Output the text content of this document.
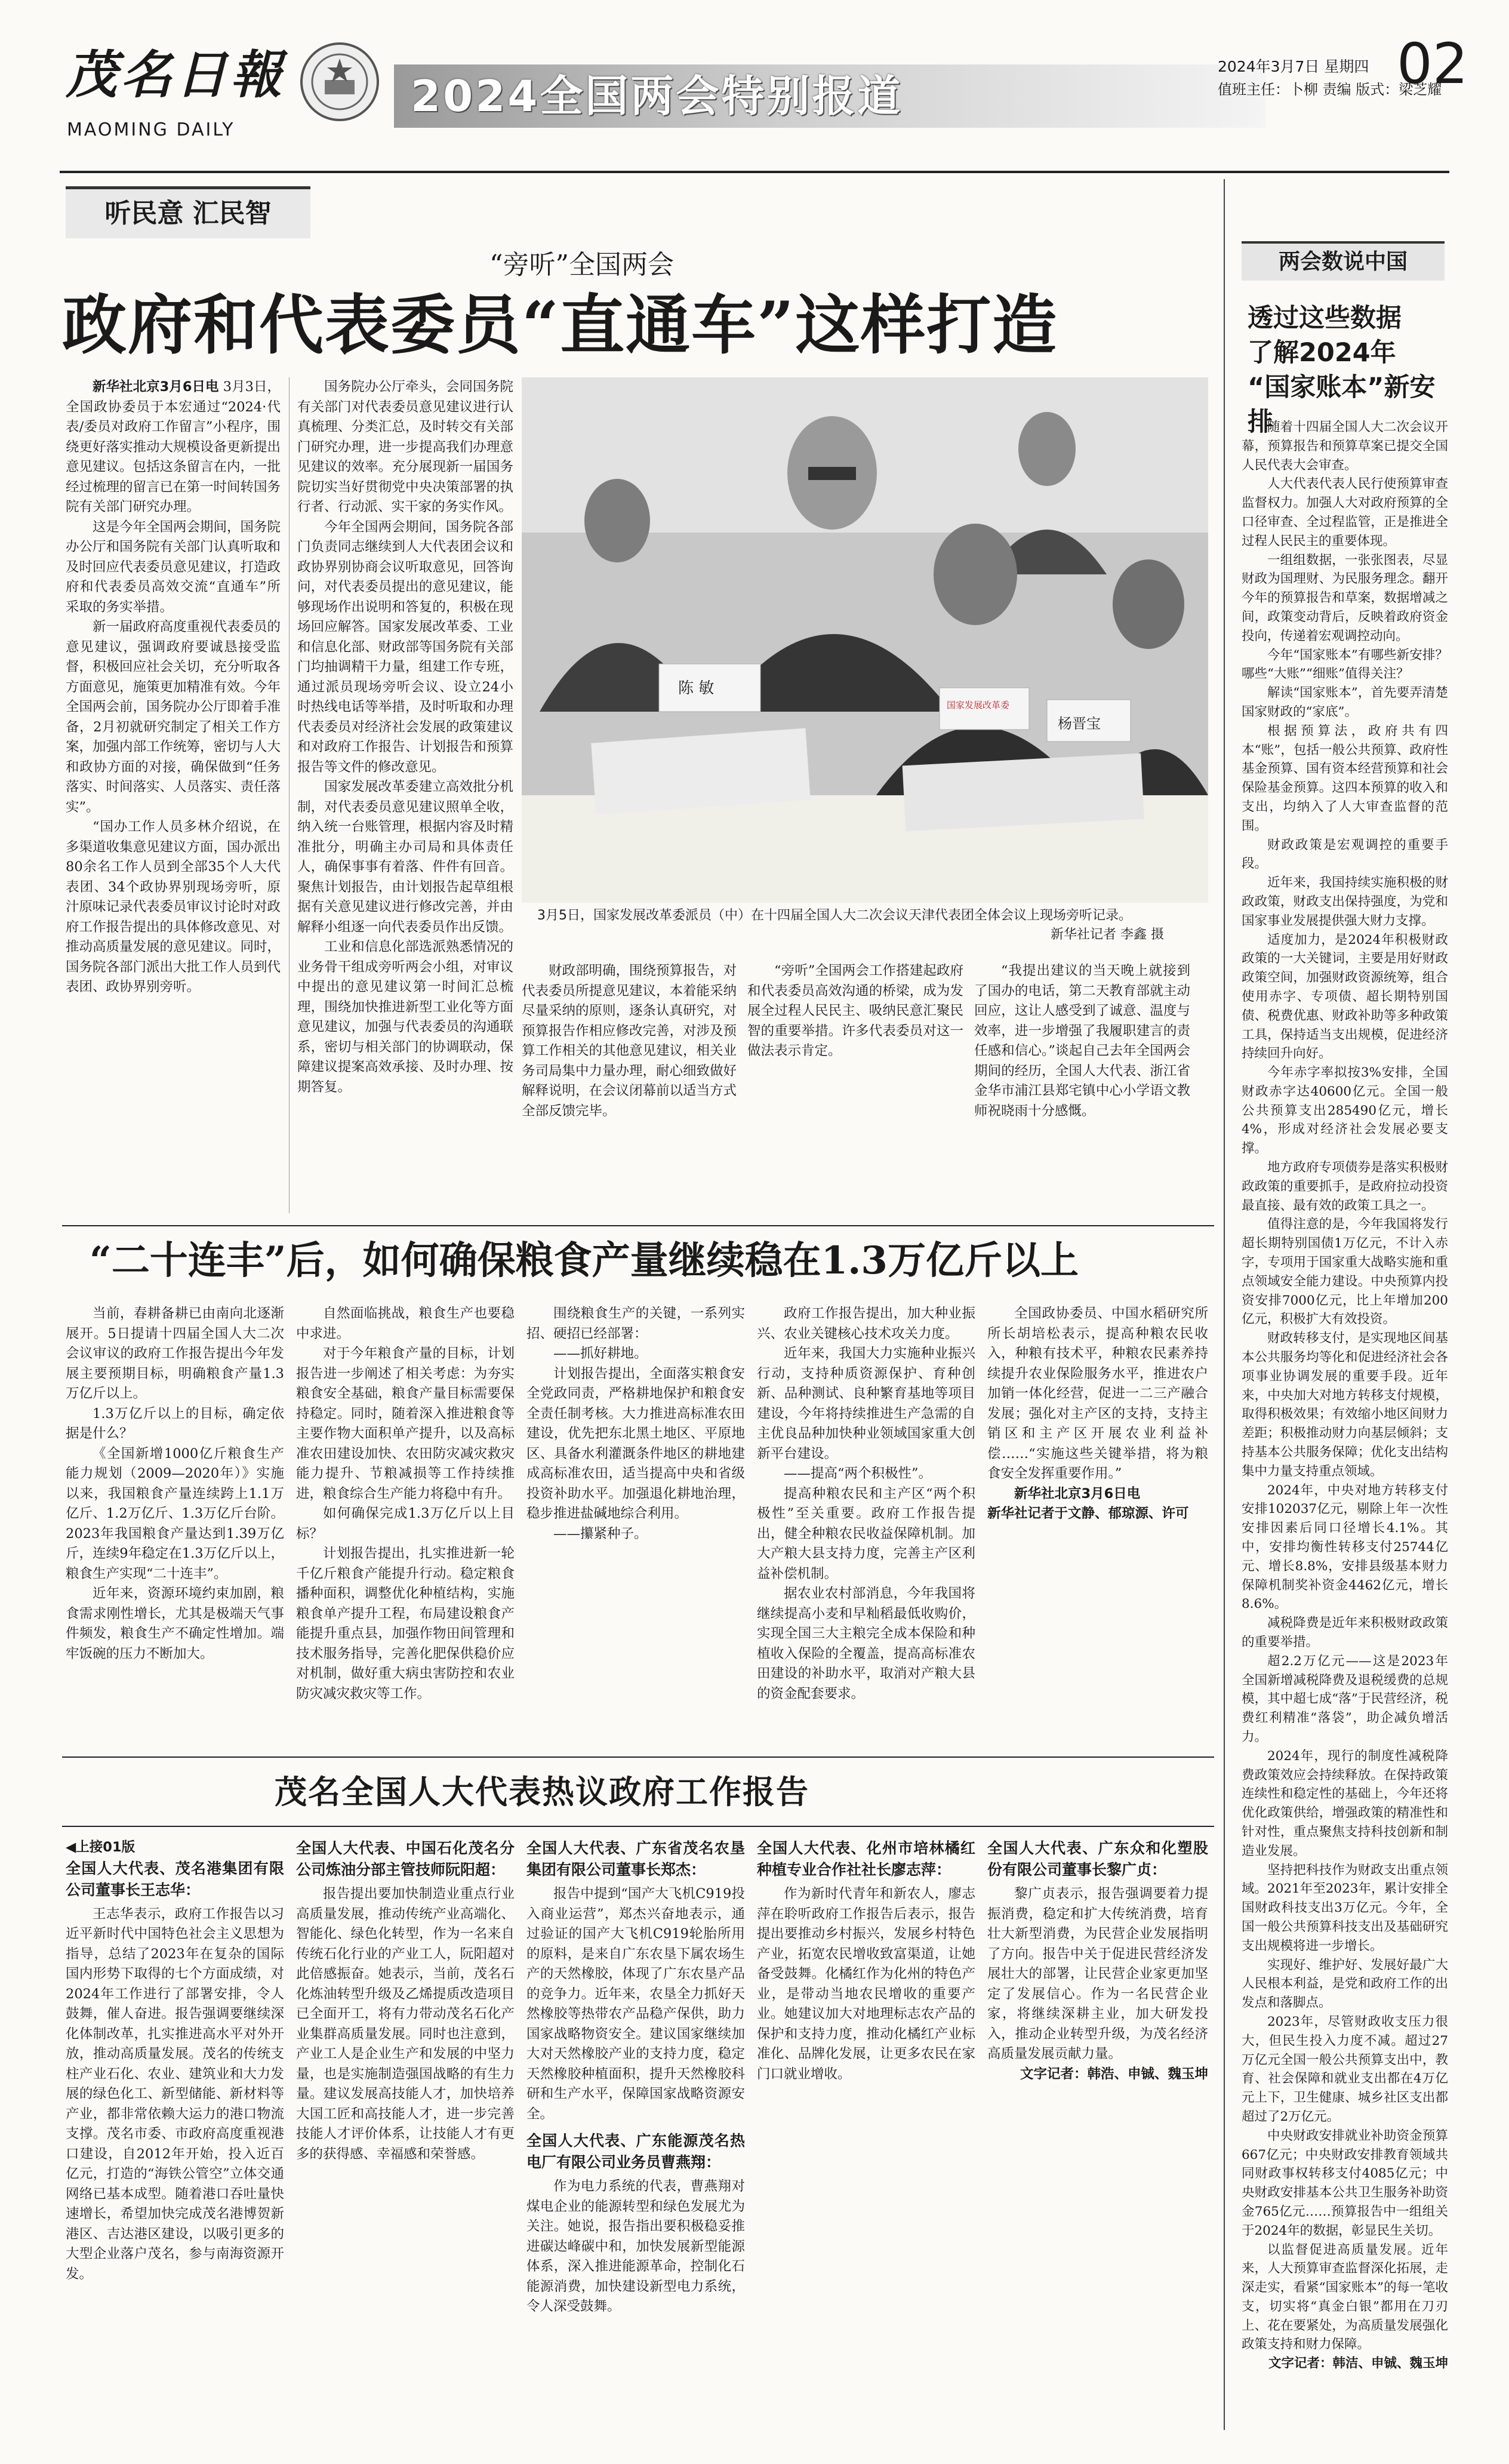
茂名日報
MAOMING DAILY
2024全国两会特别报道
2024年3月7日 星期四
值班主任：卜柳 责编 版式：梁芝耀
02
听民意 汇民智
“旁听”全国两会
政府和代表委员“直通车”这样打造

新华社北京3月6日电 3月3日，全国政协委员于本宏通过“2024·代表/委员对政府工作留言”小程序，围绕更好落实推动大规模设备更新提出意见建议。包括这条留言在内，一批经过梳理的留言已在第一时间转国务院有关部门研究办理。

这是今年全国两会期间，国务院办公厅和国务院有关部门认真听取和及时回应代表委员意见建议，打造政府和代表委员高效交流“直通车”所采取的务实举措。

新一届政府高度重视代表委员的意见建议，强调政府要诚恳接受监督，积极回应社会关切，充分听取各方面意见，施策更加精准有效。今年全国两会前，国务院办公厅即着手准备，2月初就研究制定了相关工作方案，加强内部工作统筹，密切与人大和政协方面的对接，确保做到“任务落实、时间落实、人员落实、责任落实”。

“国办工作人员多林介绍说，在多渠道收集意见建议方面，国办派出80余名工作人员到全部35个人大代表团、34个政协界别现场旁听，原汁原味记录代表委员审议讨论时对政府工作报告提出的具体修改意见、对推动高质量发展的意见建议。同时，国务院各部门派出大批工作人员到代表团、政协界别旁听。

国务院办公厅牵头，会同国务院有关部门对代表委员意见建议进行认真梳理、分类汇总，及时转交有关部门研究办理，进一步提高我们办理意见建议的效率。充分展现新一届国务院切实当好贯彻党中央决策部署的执行者、行动派、实干家的务实作风。

今年全国两会期间，国务院各部门负责同志继续到人大代表团会议和政协界别协商会议听取意见，回答询问，对代表委员提出的意见建议，能够现场作出说明和答复的，积极在现场回应解答。国家发展改革委、工业和信息化部、财政部等国务院有关部门均抽调精干力量，组建工作专班，通过派员现场旁听会议、设立24小时热线电话等举措，及时听取和办理代表委员对经济社会发展的政策建议和对政府工作报告、计划报告和预算报告等文件的修改意见。

国家发展改革委建立高效批分机制，对代表委员意见建议照单全收，纳入统一台账管理，根据内容及时精准批分，明确主办司局和具体责任人，确保事事有着落、件件有回音。聚焦计划报告，由计划报告起草组根据有关意见建议进行修改完善，并由解释小组逐一向代表委员作出反馈。

工业和信息化部选派熟悉情况的业务骨干组成旁听两会小组，对审议中提出的意见建议第一时间汇总梳理，围绕加快推进新型工业化等方面意见建议，加强与代表委员的沟通联系，密切与相关部门的协调联动，保障建议提案高效承接、及时办理、按期答复。

陈 敏
国家发展改革委
杨晋宝
3月5日，国家发展改革委派员（中）在十四届全国人大二次会议天津代表团全体会议上现场旁听记录。
新华社记者 李鑫 摄

财政部明确，围绕预算报告，对代表委员所提意见建议，本着能采纳尽量采纳的原则，逐条认真研究，对预算报告作相应修改完善，对涉及预算工作相关的其他意见建议，相关业务司局集中力量办理，耐心细致做好解释说明，在会议闭幕前以适当方式全部反馈完毕。

“旁听”全国两会工作搭建起政府和代表委员高效沟通的桥梁，成为发展全过程人民民主、吸纳民意汇聚民智的重要举措。许多代表委员对这一做法表示肯定。

“我提出建议的当天晚上就接到了国办的电话，第二天教育部就主动回应，这让人感受到了诚意、温度与效率，进一步增强了我履职建言的责任感和信心。”谈起自己去年全国两会期间的经历，全国人大代表、浙江省金华市浦江县郑宅镇中心小学语文教师祝晓雨十分感慨。

两会数说中国
透过这些数据
了解2024年
“国家账本”新安排

随着十四届全国人大二次会议开幕，预算报告和预算草案已提交全国人民代表大会审查。

人大代表代表人民行使预算审查监督权力。加强人大对政府预算的全口径审查、全过程监管，正是推进全过程人民民主的重要体现。

一组组数据，一张张图表，尽显财政为国理财、为民服务理念。翻开今年的预算报告和草案，数据增减之间，政策变动背后，反映着政府资金投向，传递着宏观调控动向。

今年“国家账本”有哪些新安排？哪些“大账”“细账”值得关注？

解读“国家账本”，首先要弄清楚国家财政的“家底”。

根据预算法，政府共有四本“账”，包括一般公共预算、政府性基金预算、国有资本经营预算和社会保险基金预算。这四本预算的收入和支出，均纳入了人大审查监督的范围。

财政政策是宏观调控的重要手段。

近年来，我国持续实施积极的财政政策，财政支出保持强度，为党和国家事业发展提供强大财力支撑。

适度加力，是2024年积极财政政策的一大关键词，主要是用好财政政策空间，加强财政资源统筹，组合使用赤字、专项债、超长期特别国债、税费优惠、财政补助等多种政策工具，保持适当支出规模，促进经济持续回升向好。

今年赤字率拟按3%安排，全国财政赤字达40600亿元。全国一般公共预算支出285490亿元，增长4%，形成对经济社会发展必要支撑。

地方政府专项债券是落实积极财政政策的重要抓手，是政府拉动投资最直接、最有效的政策工具之一。

值得注意的是，今年我国将发行超长期特别国债1万亿元，不计入赤字，专项用于国家重大战略实施和重点领域安全能力建设。中央预算内投资安排7000亿元，比上年增加200亿元，积极扩大有效投资。

财政转移支付，是实现地区间基本公共服务均等化和促进经济社会各项事业协调发展的重要手段。近年来，中央加大对地方转移支付规模，取得积极效果；有效缩小地区间财力差距；积极推动财力向基层倾斜；支持基本公共服务保障；优化支出结构集中力量支持重点领域。

2024年，中央对地方转移支付安排102037亿元，剔除上年一次性安排因素后同口径增长4.1%。其中，安排均衡性转移支付25744亿元、增长8.8%，安排县级基本财力保障机制奖补资金4462亿元，增长8.6%。

减税降费是近年来积极财政政策的重要举措。

超2.2万亿元——这是2023年全国新增减税降费及退税缓费的总规模，其中超七成“落”于民营经济，税费红利精准“落袋”，助企减负增活力。

2024年，现行的制度性减税降费政策效应会持续释放。在保持政策连续性和稳定性的基础上，今年还将优化政策供给，增强政策的精准性和针对性，重点聚焦支持科技创新和制造业发展。

坚持把科技作为财政支出重点领域。2021年至2023年，累计安排全国财政科技支出3万亿元。今年，全国一般公共预算科技支出及基础研究支出规模将进一步增长。

实现好、维护好、发展好最广大人民根本利益，是党和政府工作的出发点和落脚点。

2023年，尽管财政收支压力很大，但民生投入力度不减。超过27万亿元全国一般公共预算支出中，教育、社会保障和就业支出都在4万亿元上下，卫生健康、城乡社区支出都超过了2万亿元。

中央财政安排就业补助资金预算667亿元；中央财政安排教育领域共同财政事权转移支付4085亿元；中央财政安排基本公共卫生服务补助资金765亿元……预算报告中一组组关于2024年的数据，彰显民生关切。

以监督促进高质量发展。近年来，人大预算审查监督深化拓展，走深走实，看紧“国家账本”的每一笔收支，切实将“真金白银”都用在刀刃上、花在要紧处，为高质量发展强化政策支持和财力保障。

文字记者：韩洁、申铖、魏玉坤

“二十连丰”后，如何确保粮食产量继续稳在1.3万亿斤以上

当前，春耕备耕已由南向北逐渐展开。5日提请十四届全国人大二次会议审议的政府工作报告提出今年发展主要预期目标，明确粮食产量1.3万亿斤以上。

1.3万亿斤以上的目标，确定依据是什么？

《全国新增1000亿斤粮食生产能力规划（2009—2020年）》实施以来，我国粮食产量连续跨上1.1万亿斤、1.2万亿斤、1.3万亿斤台阶。2023年我国粮食产量达到1.39万亿斤，连续9年稳定在1.3万亿斤以上，粮食生产实现“二十连丰”。

近年来，资源环境约束加剧，粮食需求刚性增长，尤其是极端天气事件频发，粮食生产不确定性增加。端牢饭碗的压力不断加大。

自然面临挑战，粮食生产也要稳中求进。

对于今年粮食产量的目标，计划报告进一步阐述了相关考虑：为夯实粮食安全基础，粮食产量目标需要保持稳定。同时，随着深入推进粮食等主要作物大面积单产提升，以及高标准农田建设加快、农田防灾减灾救灾能力提升、节粮减损等工作持续推进，粮食综合生产能力将稳中有升。

如何确保完成1.3万亿斤以上目标？

计划报告提出，扎实推进新一轮千亿斤粮食产能提升行动。稳定粮食播种面积，调整优化种植结构，实施粮食单产提升工程，布局建设粮食产能提升重点县，加强作物田间管理和技术服务指导，完善化肥保供稳价应对机制，做好重大病虫害防控和农业防灾减灾救灾等工作。

围绕粮食生产的关键，一系列实招、硬招已经部署：

——抓好耕地。

计划报告提出，全面落实粮食安全党政同责，严格耕地保护和粮食安全责任制考核。大力推进高标准农田建设，优先把东北黑土地区、平原地区、具备水利灌溉条件地区的耕地建成高标准农田，适当提高中央和省级投资补助水平。加强退化耕地治理，稳步推进盐碱地综合利用。

——攥紧种子。

政府工作报告提出，加大种业振兴、农业关键核心技术攻关力度。

近年来，我国大力实施种业振兴行动，支持种质资源保护、育种创新、品种测试、良种繁育基地等项目建设，今年将持续推进生产急需的自主优良品种加快种业领域国家重大创新平台建设。

——提高“两个积极性”。

提高种粮农民和主产区“两个积极性”至关重要。政府工作报告提出，健全种粮农民收益保障机制。加大产粮大县支持力度，完善主产区利益补偿机制。

据农业农村部消息，今年我国将继续提高小麦和早籼稻最低收购价，实现全国三大主粮完全成本保险和种植收入保险的全覆盖，提高高标准农田建设的补助水平，取消对产粮大县的资金配套要求。

全国政协委员、中国水稻研究所所长胡培松表示，提高种粮农民收入，种粮有技术平，种粮农民素养持续提升农业保险服务水平，推进农户加销一体化经营，促进一二三产融合发展；强化对主产区的支持，支持主销区和主产区开展农业利益补偿……“实施这些关键举措，将为粮食安全发挥重要作用。”

新华社北京3月6日电
新华社记者于文静、郁琼源、许可

茂名全国人大代表热议政府工作报告
◀上接01版
全国人大代表、茂名港集团有限公司董事长王志华：

王志华表示，政府工作报告以习近平新时代中国特色社会主义思想为指导，总结了2023年在复杂的国际国内形势下取得的七个方面成绩，对2024年工作进行了部署安排，令人鼓舞，催人奋进。报告强调要继续深化体制改革，扎实推进高水平对外开放，推动高质量发展。茂名的传统支柱产业石化、农业、建筑业和大力发展的绿色化工、新型储能、新材料等产业，都非常依赖大运力的港口物流支撑。茂名市委、市政府高度重视港口建设，自2012年开始，投入近百亿元，打造的“海铁公管空”立体交通网络已基本成型。随着港口吞吐量快速增长，希望加快完成茂名港博贺新港区、吉达港区建设，以吸引更多的大型企业落户茂名，参与南海资源开发。

全国人大代表、中国石化茂名分公司炼油分部主管技师阮阳超：

报告提出要加快制造业重点行业高质量发展，推动传统产业高端化、智能化、绿色化转型，作为一名来自传统石化行业的产业工人，阮阳超对此倍感振奋。她表示，当前，茂名石化炼油转型升级及乙烯提质改造项目已全面开工，将有力带动茂名石化产业集群高质量发展。同时也注意到，产业工人是企业生产和发展的中坚力量，也是实施制造强国战略的有生力量。建议发展高技能人才，加快培养大国工匠和高技能人才，进一步完善技能人才评价体系，让技能人才有更多的获得感、幸福感和荣誉感。

全国人大代表、广东省茂名农垦集团有限公司董事长郑杰：

报告中提到“国产大飞机C919投入商业运营”，郑杰兴奋地表示，通过验证的国产大飞机C919轮胎所用的原料，是来自广东农垦下属农场生产的天然橡胶，体现了广东农垦产品的竞争力。近年来，农垦全力抓好天然橡胶等热带农产品稳产保供，助力国家战略物资安全。建议国家继续加大对天然橡胶产业的支持力度，稳定天然橡胶种植面积，提升天然橡胶科研和生产水平，保障国家战略资源安全。

全国人大代表、广东能源茂名热电厂有限公司业务员曹燕翔：

作为电力系统的代表，曹燕翔对煤电企业的能源转型和绿色发展尤为关注。她说，报告指出要积极稳妥推进碳达峰碳中和，加快发展新型能源体系，深入推进能源革命，控制化石能源消费，加快建设新型电力系统，令人深受鼓舞。

全国人大代表、化州市培林橘红种植专业合作社社长廖志萍：

作为新时代青年和新农人，廖志萍在聆听政府工作报告后表示，报告提出要推动乡村振兴，发展乡村特色产业，拓宽农民增收致富渠道，让她备受鼓舞。化橘红作为化州的特色产业，是带动当地农民增收的重要产业。她建议加大对地理标志农产品的保护和支持力度，推动化橘红产业标准化、品牌化发展，让更多农民在家门口就业增收。

全国人大代表、广东众和化塑股份有限公司董事长黎广贞：

黎广贞表示，报告强调要着力提振消费，稳定和扩大传统消费，培育壮大新型消费，为民营企业发展指明了方向。报告中关于促进民营经济发展壮大的部署，让民营企业家更加坚定了发展信心。作为一名民营企业家，将继续深耕主业，加大研发投入，推动企业转型升级，为茂名经济高质量发展贡献力量。

文字记者：韩浩、申铖、魏玉坤
